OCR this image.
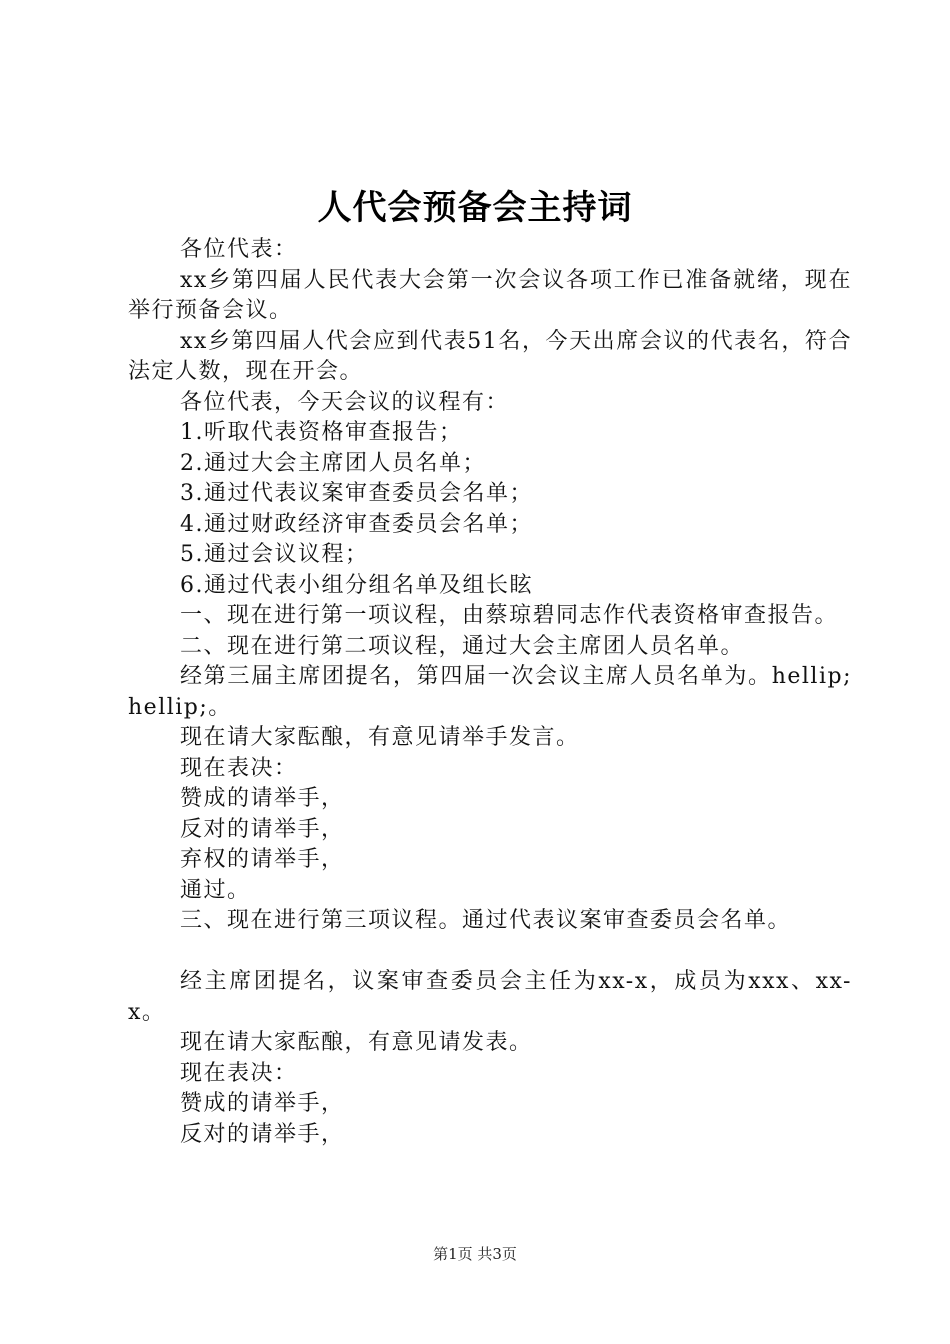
人代会预备会主持词

各位代表：

xx乡第四届人民代表大会第一次会议各项工作已准备就绪，现在举行预备会议。

xx乡第四届人代会应到代表51名，今天出席会议的代表名，符合法定人数，现在开会。

各位代表，今天会议的议程有：

1.听取代表资格审查报告；

2.通过大会主席团人员名单；

3.通过代表议案审查委员会名单；

4.通过财政经济审查委员会名单；

5.通过会议议程；

6.通过代表小组分组名单及组长眩

一、现在进行第一项议程，由蔡琼碧同志作代表资格审查报告。

二、现在进行第二项议程，通过大会主席团人员名单。

经第三届主席团提名，第四届一次会议主席人员名单为。hellip;hellip;。

现在请大家酝酿，有意见请举手发言。

现在表决：

赞成的请举手，

反对的请举手，

弃权的请举手，

通过。

三、现在进行第三项议程。通过代表议案审查委员会名单。

经主席团提名，议案审查委员会主任为xx-x，成员为xxx、xx-x。

现在请大家酝酿，有意见请发表。

现在表决：

赞成的请举手，

反对的请举手，

第1页 共3页
